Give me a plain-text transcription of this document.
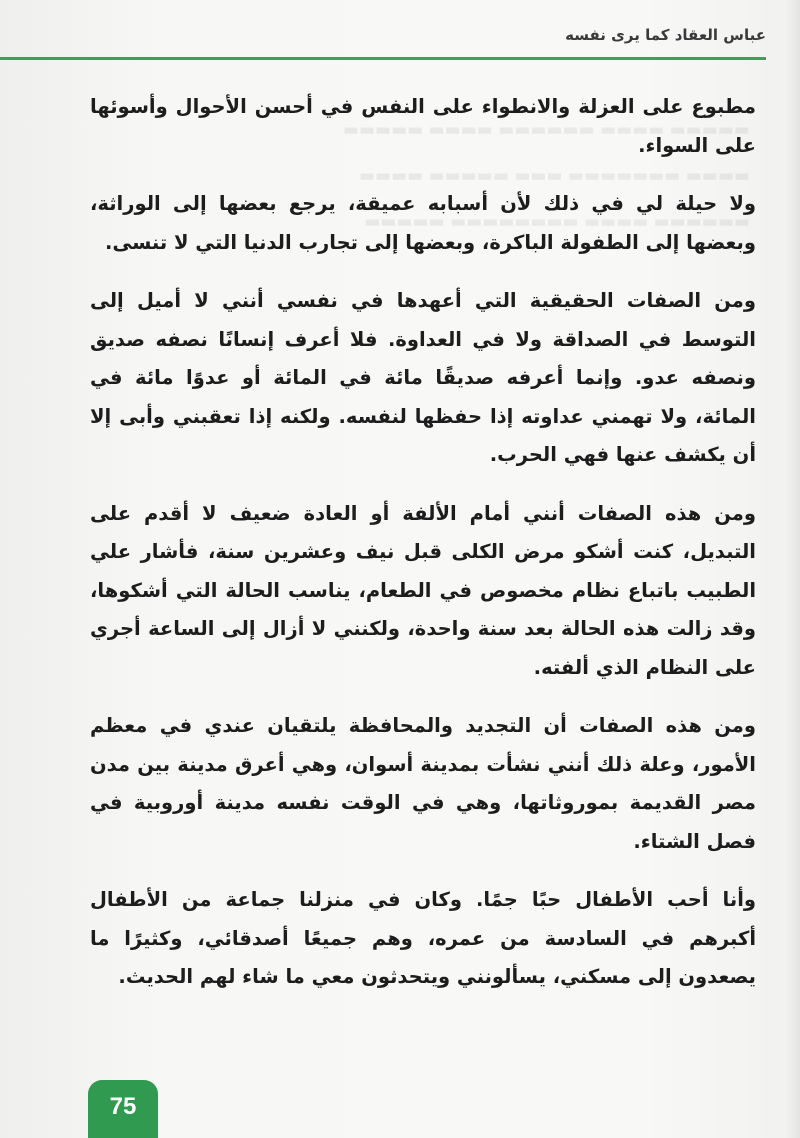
▬▬▬▬▬ ▬▬▬▬ ▬▬▬▬▬▬ ▬▬▬▬ ▬▬▬▬▬
▬▬▬▬ ▬▬▬▬▬▬▬ ▬▬▬ ▬▬▬▬▬ ▬▬▬▬
▬▬▬▬▬▬ ▬▬▬▬ ▬▬▬▬▬▬▬▬ ▬▬▬▬▬
عباس العقاد كما يرى نفسه

مطبوع على العزلة والانطواء على النفس في أحسن الأحوال وأسوئها على السواء.

ولا حيلة لي في ذلك لأن أسبابه عميقة، يرجع بعضها إلى الوراثة، وبعضها إلى الطفولة الباكرة، وبعضها إلى تجارب الدنيا التي لا تنسى.

ومن الصفات الحقيقية التي أعهدها في نفسي أنني لا أميل إلى التوسط في الصداقة ولا في العداوة. فلا أعرف إنسانًا نصفه صديق ونصفه عدو. وإنما أعرفه صديقًا مائة في المائة أو عدوًا مائة في المائة، ولا تهمني عداوته إذا حفظها لنفسه. ولكنه إذا تعقبني وأبى إلا أن يكشف عنها فهي الحرب.

ومن هذه الصفات أنني أمام الألفة أو العادة ضعيف لا أقدم على التبديل، كنت أشكو مرض الكلى قبل نيف وعشرين سنة، فأشار علي الطبيب باتباع نظام مخصوص في الطعام، يناسب الحالة التي أشكوها، وقد زالت هذه الحالة بعد سنة واحدة، ولكنني لا أزال إلى الساعة أجري على النظام الذي ألفته.

ومن هذه الصفات أن التجديد والمحافظة يلتقيان عندي في معظم الأمور، وعلة ذلك أنني نشأت بمدينة أسوان، وهي أعرق مدينة بين مدن مصر القديمة بموروثاتها، وهي في الوقت نفسه مدينة أوروبية في فصل الشتاء.

وأنا أحب الأطفال حبًا جمًا. وكان في منزلنا جماعة من الأطفال أكبرهم في السادسة من عمره، وهم جميعًا أصدقائي، وكثيرًا ما يصعدون إلى مسكني، يسألونني ويتحدثون معي ما شاء لهم الحديث.

75
